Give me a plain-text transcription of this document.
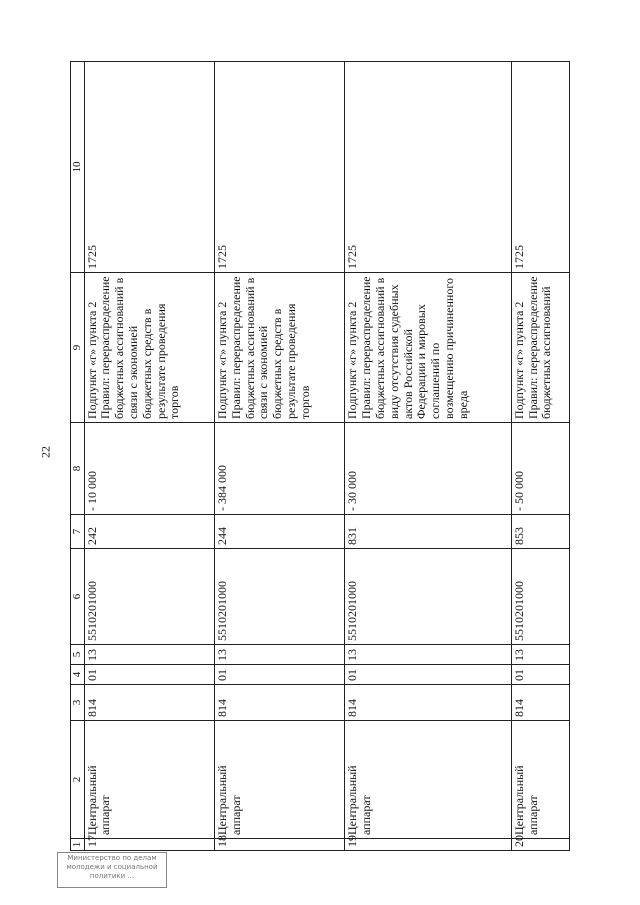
22
1	2	3	4	5	6	7	8	9	10
17	Центральный аппарат	814	01	13	5510201000	242	- 10 000	Подпункт «г» пункта 2 Правил: перераспределение бюджетных ассигнований в связи с экономией бюджетных средств в результате проведения торгов	1725
18	Центральный аппарат	814	01	13	5510201000	244	- 384 000	Подпункт «г» пункта 2 Правил: перераспределение бюджетных ассигнований в связи с экономией бюджетных средств в результате проведения торгов	1725
19	Центральный аппарат	814	01	13	5510201000	831	- 30 000	Подпункт «г» пункта 2 Правил: перераспределение бюджетных ассигнований в виду отсутствия судебных актов Российской Федерации и мировых соглашений по возмещению причиненного вреда	1725
20	Центральный аппарат	814	01	13	5510201000	853	- 50 000	Подпункт «г» пункта 2 Правил: перераспределение бюджетных ассигнований	1725
Министерство по делам
молодежи и социальной
политики ...
